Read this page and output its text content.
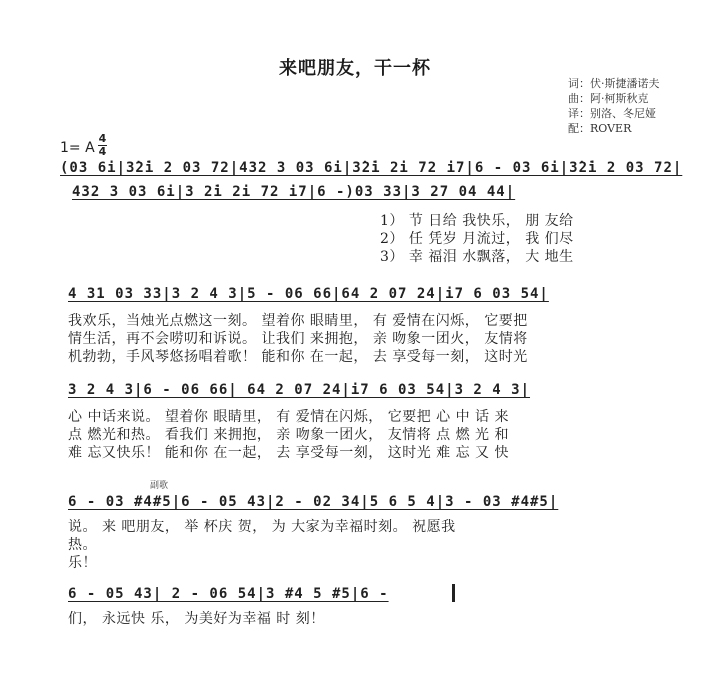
来吧朋友，干一杯
词：伏·斯捷潘诺夫
曲：阿·柯斯秋克
译：别洛、冬尼娅
配：ROVER
1= A
4
4
(03 6i|3̇2̇i 2 03 72|432 3 03 6i|3̇2̇i 2i 72 i7|6 - 03 6i|3̇2̇i 2 03 72|
432 3 03 6i|3 2̇i 2i 72 i7|6 -)03 33|3 27 04 44|
1） 节 日给 我快乐， 朋 友给
2） 任 凭岁 月流过， 我 们尽
3） 幸 福泪 水飘落， 大 地生
4 31 03 33|3 2 4 3|5 - 06 66|64 2 07 24|i7 6 03 54|
我欢乐，当烛光点燃这一刻。 望着你 眼睛里， 有 爱情在闪烁， 它要把
情生活，再不会唠叨和诉说。 让我们 来拥抱， 亲 吻象一团火， 友情将
机勃勃，手风琴悠扬唱着歌！ 能和你 在一起， 去 享受每一刻， 这时光
3 2 4 3|6 - 06 66| 64 2 07 24|i7 6 03 54|3 2 4 3|
心 中话来说。 望着你 眼睛里， 有 爱情在闪烁， 它要把 心 中 话 来
点 燃光和热。 看我们 来拥抱， 亲 吻象一团火， 友情将 点 燃 光 和
难 忘又快乐！ 能和你 在一起， 去 享受每一刻， 这时光 难 忘 又 快
副歌
6 - 03 #4#5|6 - 05 43|2 - 02 34|5 6 5 4|3 - 03 #4#5|
说。 来 吧朋友， 举 杯庆 贺， 为 大家为幸福时刻。 祝愿我
热。
乐！
6 - 05 43| 2 - 06 54|3 #4 5 #5|6 -
们， 永远快 乐， 为美好为幸福 时 刻！
